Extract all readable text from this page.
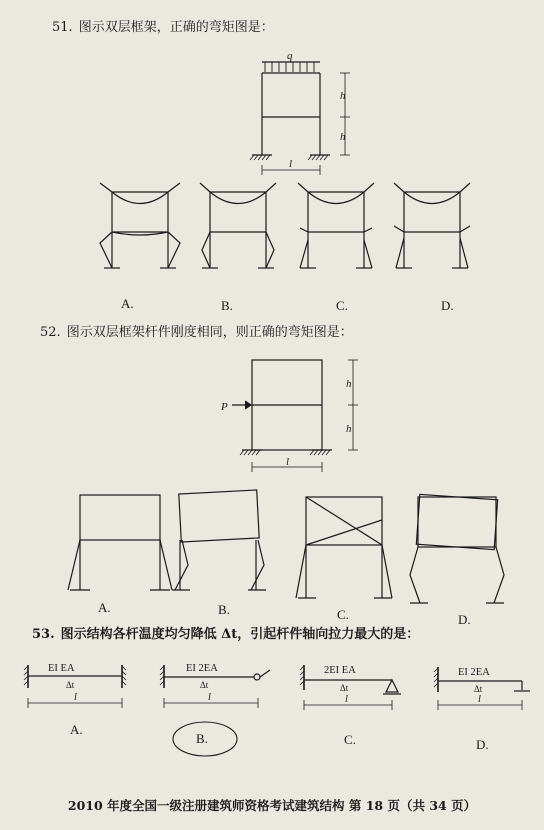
51. 图示双层框架，正确的弯矩图是：
q
h
h
l
P
h
h
l
EI EA
Δt
l
EI 2EA
Δt
l
2EI EA
Δt
l
EI 2EA
Δt
l
A.	B.	C.	D.
52. 图示双层框架杆件刚度相同，则正确的弯矩图是：
A.	B.	C.	D.
53. 图示结构各杆温度均匀降低 Δt，引起杆件轴向拉力最大的是：
A.
B.	C.	D.
2010 年度全国一级注册建筑师资格考试建筑结构 第 18 页（共 34 页）
